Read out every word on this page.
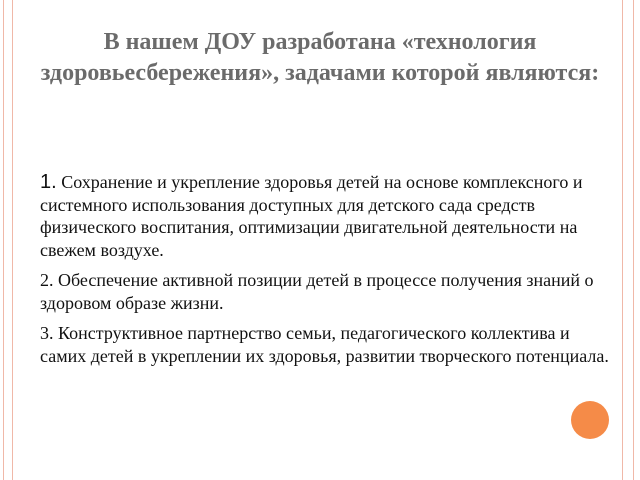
В нашем ДОУ разработана «технология здоровьесбережения», задачами которой являются:
1. Сохранение и укрепление здоровья детей на основе комплексного и системного использования доступных для детского сада средств физического воспитания, оптимизации двигательной деятельности на свежем воздухе.
2. Обеспечение активной позиции детей в процессе получения знаний о здоровом образе жизни.
3. Конструктивное партнерство семьи, педагогического коллектива и самих детей в укреплении их здоровья, развитии творческого потенциала.
